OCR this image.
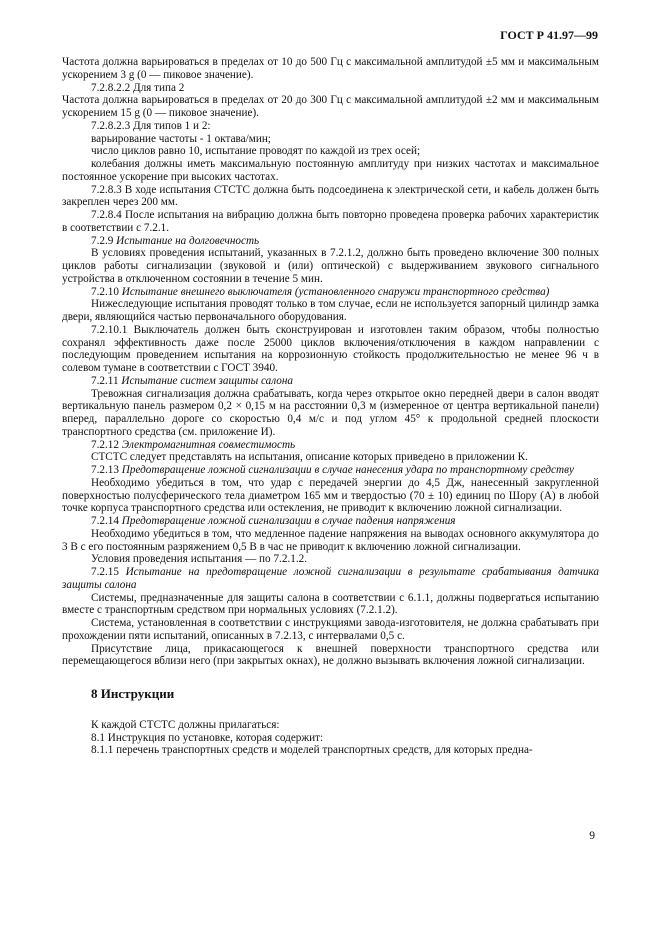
ГОСТ Р 41.97—99

Частота должна варьироваться в пределах от 10 до 500 Гц с максимальной амплитудой ±5 мм и максимальным ускорением 3 g (0 — пиковое значение).

7.2.8.2.2 Для типа 2

Частота должна варьироваться в пределах от 20 до 300 Гц с максимальной амплитудой ±2 мм и максимальным ускорением 15 g (0 — пиковое значение).

7.2.8.2.3 Для типов 1 и 2:

варьирование частоты - 1 октава/мин;

число циклов равно 10, испытание проводят по каждой из трех осей;

колебания должны иметь максимальную постоянную амплитуду при низких частотах и максимальное постоянное ускорение при высоких частотах.

7.2.8.3 В ходе испытания СТСТС должна быть подсоединена к электрической сети, и кабель должен быть закреплен через 200 мм.

7.2.8.4 После испытания на вибрацию должна быть повторно проведена проверка рабочих характеристик в соответствии с 7.2.1.

7.2.9 Испытание на долговечность

В условиях проведения испытаний, указанных в 7.2.1.2, должно быть проведено включение 300 полных циклов работы сигнализации (звуковой и (или) оптической) с выдерживанием звукового сигнального устройства в отключенном состоянии в течение 5 мин.

7.2.10 Испытание внешнего выключателя (установленного снаружи транспортного средства)

Нижеследующие испытания проводят только в том случае, если не используется запорный цилиндр замка двери, являющийся частью первоначального оборудования.

7.2.10.1 Выключатель должен быть сконструирован и изготовлен таким образом, чтобы полностью сохранял эффективность даже после 25000 циклов включения/отключения в каждом направлении с последующим проведением испытания на коррозионную стойкость продолжительностью не менее 96 ч в солевом тумане в соответствии с ГОСТ 3940.

7.2.11 Испытание систем защиты салона

Тревожная сигнализация должна срабатывать, когда через открытое окно передней двери в салон вводят вертикальную панель размером 0,2 × 0,15 м на расстоянии 0,3 м (измеренное от центра вертикальной панели) вперед, параллельно дороге со скоростью 0,4 м/с и под углом 45° к продольной средней плоскости транспортного средства (см. приложение И).

7.2.12 Электромагнитная совместимость

СТСТС следует представлять на испытания, описание которых приведено в приложении К.

7.2.13 Предотвращение ложной сигнализации в случае нанесения удара по транспортному средству

Необходимо убедиться в том, что удар с передачей энергии до 4,5 Дж, нанесенный закругленной поверхностью полусферического тела диаметром 165 мм и твердостью (70 ± 10) единиц по Шору (А) в любой точке корпуса транспортного средства или остекления, не приводит к включению ложной сигнализации.

7.2.14 Предотвращение ложной сигнализации в случае падения напряжения

Необходимо убедиться в том, что медленное падение напряжения на выводах основного аккумулятора до 3 В с его постоянным разряжением 0,5 В в час не приводит к включению ложной сигнализации.

Условия проведения испытания — по 7.2.1.2.

7.2.15 Испытание на предотвращение ложной сигнализации в результате срабатывания датчика защиты салона

Системы, предназначенные для защиты салона в соответствии с 6.1.1, должны подвергаться испытанию вместе с транспортным средством при нормальных условиях (7.2.1.2).

Система, установленная в соответствии с инструкциями завода-изготовителя, не должна срабатывать при прохождении пяти испытаний, описанных в 7.2.13, с интервалами 0,5 с.

Присутствие лица, прикасающегося к внешней поверхности транспортного средства или перемещающегося вблизи него (при закрытых окнах), не должно вызывать включения ложной сигнализации.

8 Инструкции

К каждой СТСТС должны прилагаться:

8.1 Инструкция по установке, которая содержит:

8.1.1 перечень транспортных средств и моделей транспортных средств, для которых предна-

9
